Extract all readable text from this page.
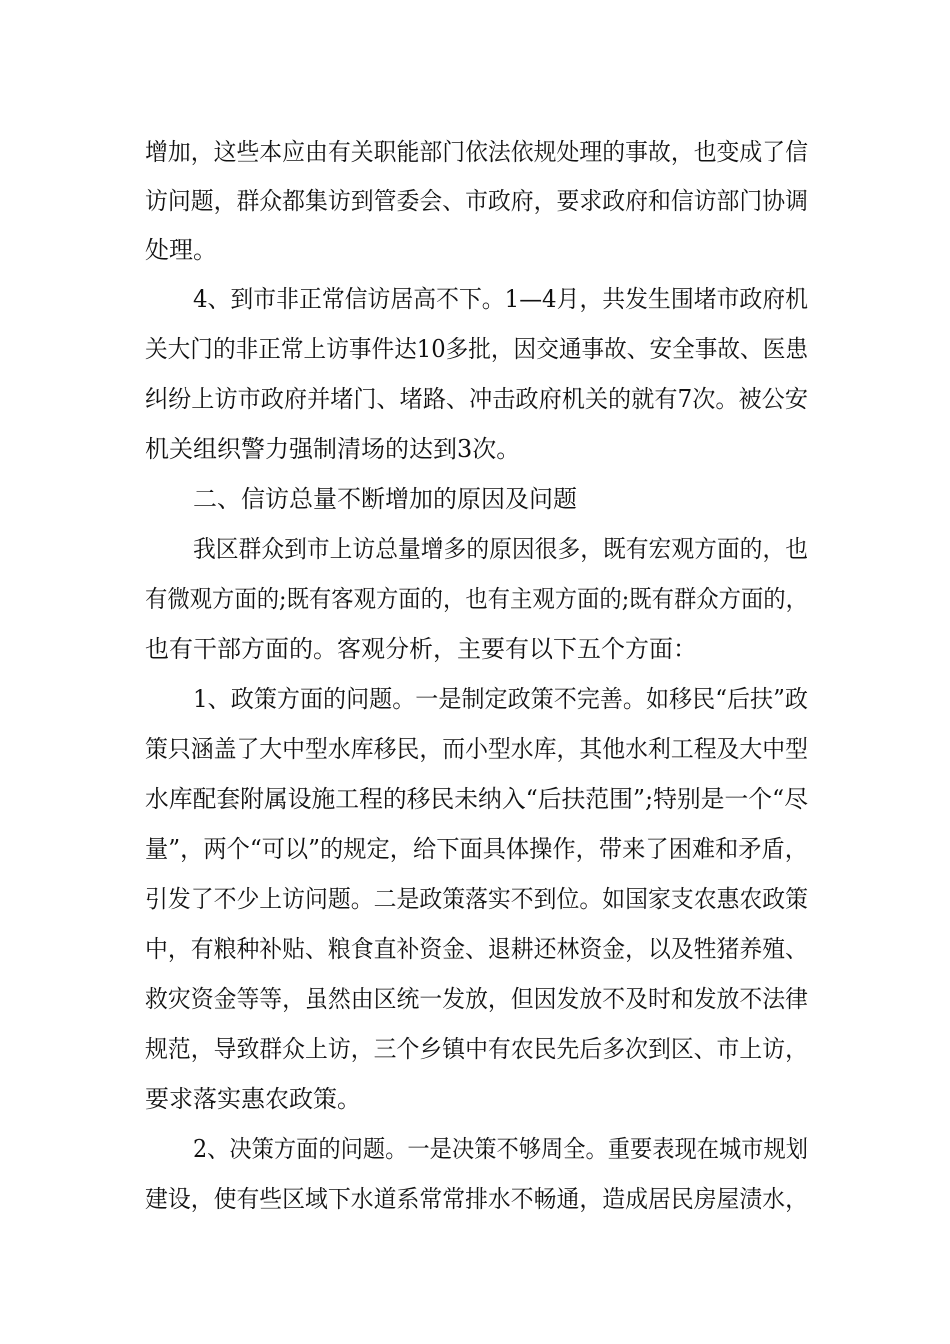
增加，这些本应由有关职能部门依法依规处理的事故，也变成了信
访问题，群众都集访到管委会、市政府，要求政府和信访部门协调
处理。
4、到市非正常信访居高不下。1—4月，共发生围堵市政府机
关大门的非正常上访事件达10多批，因交通事故、安全事故、医患
纠纷上访市政府并堵门、堵路、冲击政府机关的就有7次。被公安
机关组织警力强制清场的达到3次。
二、信访总量不断增加的原因及问题
我区群众到市上访总量增多的原因很多，既有宏观方面的，也
有微观方面的;既有客观方面的，也有主观方面的;既有群众方面的，
也有干部方面的。客观分析，主要有以下五个方面：
1、政策方面的问题。一是制定政策不完善。如移民“后扶”政
策只涵盖了大中型水库移民，而小型水库，其他水利工程及大中型
水库配套附属设施工程的移民未纳入“后扶范围”;特别是一个“尽
量”，两个“可以”的规定，给下面具体操作，带来了困难和矛盾，
引发了不少上访问题。二是政策落实不到位。如国家支农惠农政策
中，有粮种补贴、粮食直补资金、退耕还林资金，以及牲猪养殖、
救灾资金等等，虽然由区统一发放，但因发放不及时和发放不法律
规范，导致群众上访，三个乡镇中有农民先后多次到区、市上访，
要求落实惠农政策。
2、决策方面的问题。一是决策不够周全。重要表现在城市规划
建设，使有些区域下水道系常常排水不畅通，造成居民房屋渍水，
